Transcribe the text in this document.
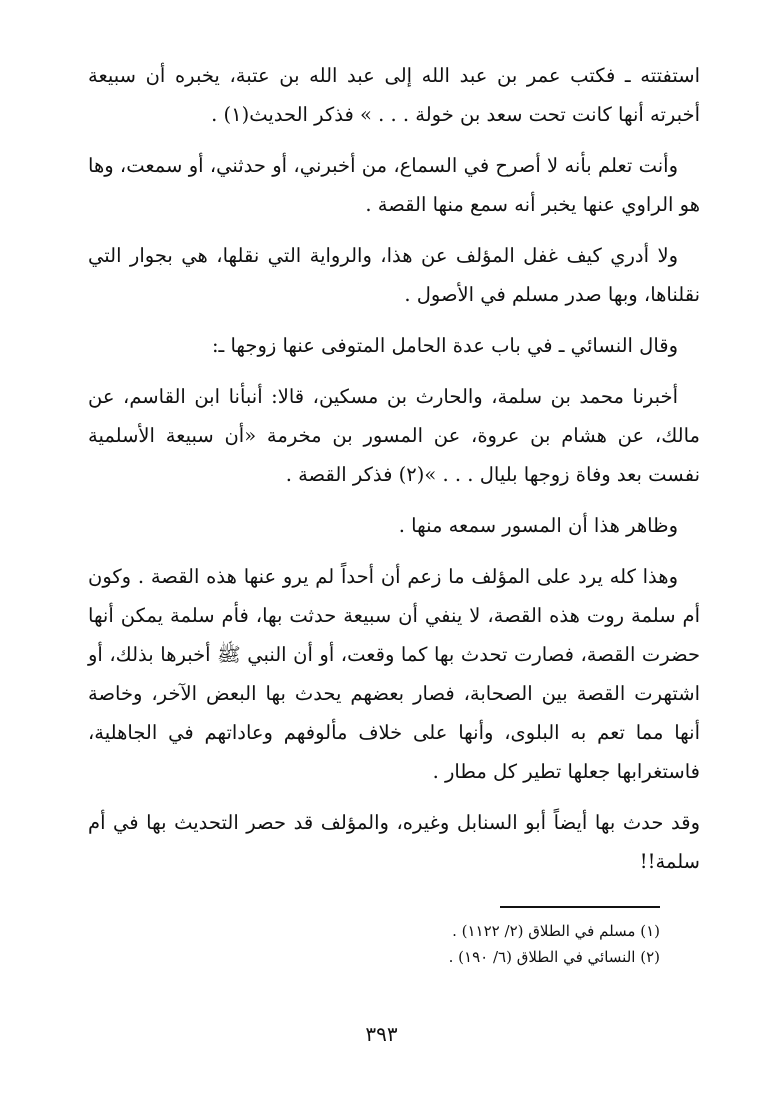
استفتته ـ فكتب عمر بن عبد الله إلى عبد الله بن عتبة، يخبره أن سبيعة أخبرته أنها كانت تحت سعد بن خولة . . . » فذكر الحديث(١) .

وأنت تعلم بأنه لا أصرح في السماع، من أخبرني، أو حدثني، أو سمعت، وها هو الراوي عنها يخبر أنه سمع منها القصة .

ولا أدري كيف غفل المؤلف عن هذا، والرواية التي نقلها، هي بجوار التي نقلناها، وبها صدر مسلم في الأصول .

وقال النسائي ـ في باب عدة الحامل المتوفى عنها زوجها ـ:

أخبرنا محمد بن سلمة، والحارث بن مسكين، قالا: أنبأنا ابن القاسم، عن مالك، عن هشام بن عروة، عن المسور بن مخرمة «أن سبيعة الأسلمية نفست بعد وفاة زوجها بليال . . . »(٢) فذكر القصة .

وظاهر هذا أن المسور سمعه منها .

وهذا كله يرد على المؤلف ما زعم أن أحداً لم يرو عنها هذه القصة . وكون أم سلمة روت هذه القصة، لا ينفي أن سبيعة حدثت بها، فأم سلمة يمكن أنها حضرت القصة، فصارت تحدث بها كما وقعت، أو أن النبي ﷺ أخبرها بذلك، أو اشتهرت القصة بين الصحابة، فصار بعضهم يحدث بها البعض الآخر، وخاصة أنها مما تعم به البلوى، وأنها على خلاف مألوفهم وعاداتهم في الجاهلية، فاستغرابها جعلها تطير كل مطار .

وقد حدث بها أيضاً أبو السنابل وغيره، والمؤلف قد حصر التحديث بها في أم سلمة!!

(١) مسلم في الطلاق (٢/ ١١٢٢) .

(٢) النسائي في الطلاق (٦/ ١٩٠) .

٣٩٣
